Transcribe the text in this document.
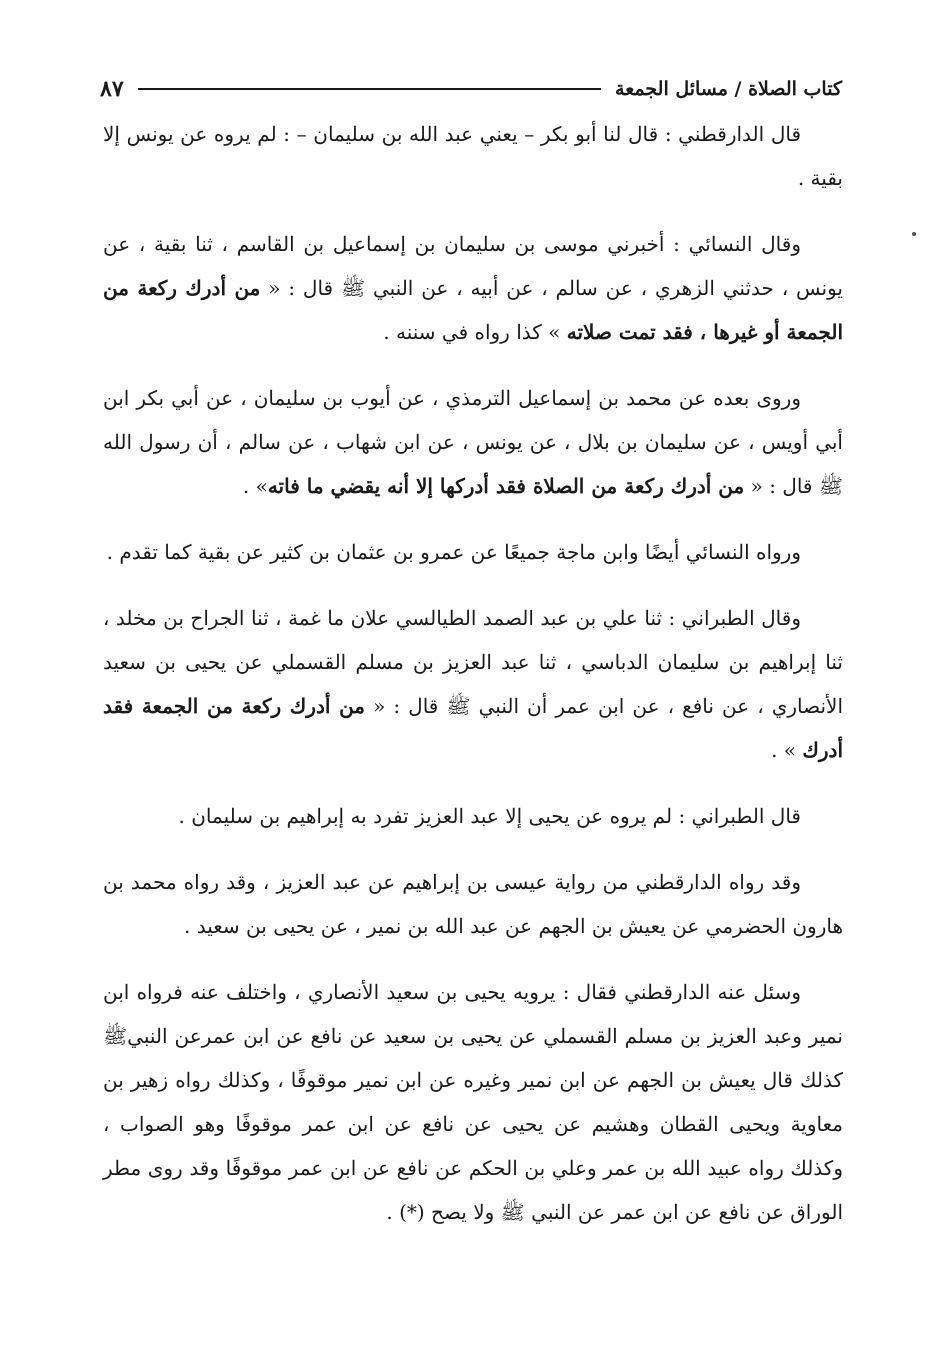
كتاب الصلاة / مسائل الجمعة
٨٧

قال الدارقطني : قال لنا أبو بكر – يعني عبد الله بن سليمان – : لم يروه عن يونس إلا بقية .

وقال النسائي : أخبرني موسى بن سليمان بن إسماعيل بن القاسم ، ثنا بقية ، عن يونس ، حدثني الزهري ، عن سالم ، عن أبيه ، عن النبي ﷺ قال : « من أدرك ركعة من الجمعة أو غيرها ، فقد تمت صلاته » كذا رواه في سننه .

وروى بعده عن محمد بن إسماعيل الترمذي ، عن أيوب بن سليمان ، عن أبي بكر ابن أبي أويس ، عن سليمان بن بلال ، عن يونس ، عن ابن شهاب ، عن سالم ، أن رسول الله ﷺ قال : « من أدرك ركعة من الصلاة فقد أدركها إلا أنه يقضي ما فاته» .

ورواه النسائي أيضًا وابن ماجة جميعًا عن عمرو بن عثمان بن كثير عن بقية كما تقدم .

وقال الطبراني : ثنا علي بن عبد الصمد الطيالسي علان ما غمة ، ثنا الجراح بن مخلد ، ثنا إبراهيم بن سليمان الدباسي ، ثنا عبد العزيز بن مسلم القسملي عن يحيى بن سعيد الأنصاري ، عن نافع ، عن ابن عمر أن النبي ﷺ قال : « من أدرك ركعة من الجمعة فقد أدرك » .

قال الطبراني : لم يروه عن يحيى إلا عبد العزيز تفرد به إبراهيم بن سليمان .

وقد رواه الدارقطني من رواية عيسى بن إبراهيم عن عبد العزيز ، وقد رواه محمد بن هارون الحضرمي عن يعيش بن الجهم عن عبد الله بن نمير ، عن يحيى بن سعيد .

وسئل عنه الدارقطني فقال : يرويه يحيى بن سعيد الأنصاري ، واختلف عنه فرواه ابن نمير وعبد العزيز بن مسلم القسملي عن يحيى بن سعيد عن نافع عن ابن عمرعن النبيﷺ كذلك قال يعيش بن الجهم عن ابن نمير وغيره عن ابن نمير موقوفًا ، وكذلك رواه زهير بن معاوية ويحيى القطان وهشيم عن يحيى عن نافع عن ابن عمر موقوفًا وهو الصواب ، وكذلك رواه عبيد الله بن عمر وعلي بن الحكم عن نافع عن ابن عمر موقوفًا وقد روى مطر الوراق عن نافع عن ابن عمر عن النبي ﷺ ولا يصح (*) .
